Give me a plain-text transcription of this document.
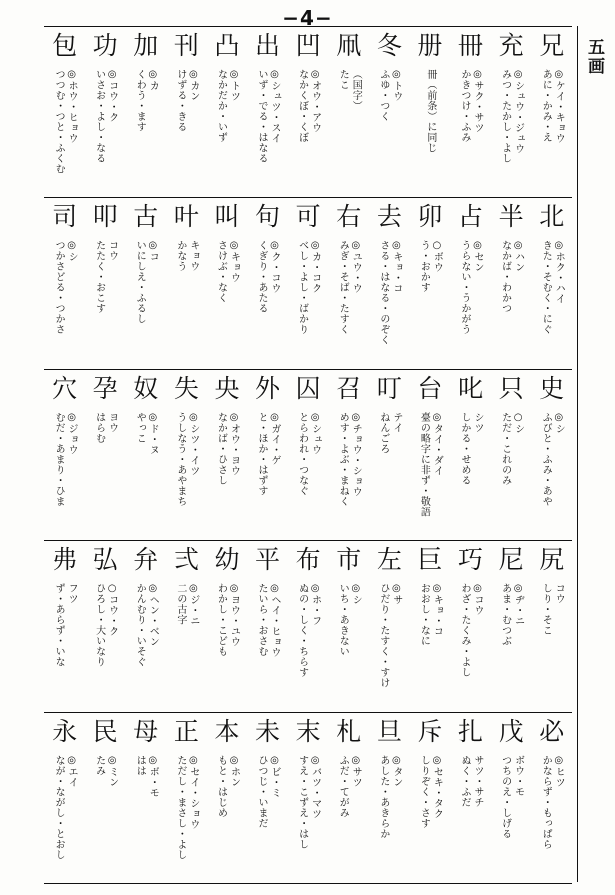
−4−
兄
◎ケイ・キョウ
あに・かみ・え
充
◎シュウ・ジュウ
みつ・たかし・よし
冊
◎サク・サツ
かきつけ・ふみ
册
冊（前条）に同じ
冬
◎トウ
ふゆ・つく
凧
（国字）
たこ
凹
◎オウ・アウ
なかくぼ・くぼ
出
◎シュツ・スイ
いず・でる・はなる
凸
◎トツ
なかだか・いず
刊
◎カン
けずる・きる
加
◎カ
くわう・ます
功
◎コウ・ク
いさお・よし・なる
包
◎ホウ・ヒョウ
つつむ・つと・ふくむ
北
◎ホク・ハイ
きた・そむく・にぐ
半
◎ハン
なかば・わかつ
占
◎セン
うらない・うかがう
卯
○ボウ
う・おかす
去
◎キョ・コ
さる・はなる・のぞく
右
◎ユウ・ウ
みぎ・そば・たすく
可
◎カ・コク
べし・よし・ばかり
句
◎ク・コウ
くぎり・あたる
叫
◎キョウ
さけぶ・なく
叶
キョウ
かなう
古
◎コ
いにしえ・ふるし
叩
コウ
たたく・おこす
司
◎シ
つかさどる・つかさ
史
◎シ
ふびと・ふみ・あや
只
○シ
ただ・これのみ
叱
シツ
しかる・せめる
台
◎タイ・ダイ
臺の略字に非ず・敬語
叮
テイ
ねんごろ
召
◎チョウ・ショウ
めす・よぶ・まねく
囚
◎シュウ
とらわれ・つなぐ
外
◎ガイ・ゲ
と・ほか・はずす
央
◎オウ・ヨウ
なかば・ひさし
失
◎シツ・イツ
うしなう・あやまち
奴
◎ド・ヌ
やっこ
孕
ヨウ
はらむ
穴
◎ジョウ
むだ・あまり・ひま
尻
コウ
しり・そこ
尼
◎ヂ・ニ
あま・むつぶ
巧
◎コウ
わざ・たくみ・よし
巨
◎キョ・コ
おおし・なに
左
◎サ
ひだり・たすく・すけ
市
◎シ
いち・あきない
布
◎ホ・フ
ぬの・しく・ちらす
平
◎ヘイ・ヒョウ
たいら・おさむ
幼
◎ヨウ・ユウ
わかし・こども
弍
◎ジ・ニ
二の古字
弁
◎ヘン・ベン
かんむり・いそぐ
弘
○コウ・ク
ひろし・大いなり
弗
フツ
ず・あらず・いな
必
◎ヒツ
かならず・もっぱら
戊
ボウ・モ
つちのえ・しげる
扎
サツ・サチ
ぬく・ふだ
斥
◎セキ・タク
しりぞく・さす
旦
◎タン
あした・あきらか
札
◎サツ
ふだ・てがみ
末
◎バツ・マツ
すえ・こずえ・はし
未
◎ビ・ミ
ひつじ・いまだ
本
◎ホン
もと・はじめ
正
◎セイ・ショウ
ただし・まさし・よし
母
◎ボ・モ
はは
民
◎ミン
たみ
永
◎エイ
なが・ながし・とおし
五画
